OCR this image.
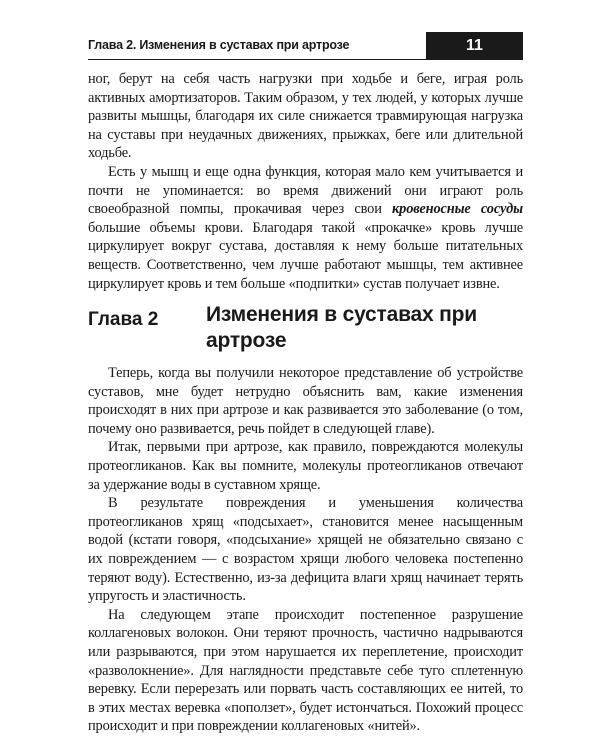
Глава 2. Изменения в суставах при артрозе	11

ног, берут на себя часть нагрузки при ходьбе и беге, играя роль активных амортизаторов. Таким образом, у тех людей, у которых лучше развиты мышцы, благодаря их силе снижается травмирующая нагрузка на суставы при неудачных движениях, прыжках, беге или длительной ходьбе.

Есть у мышц и еще одна функция, которая мало кем учитывается и почти не упоминается: во время движений они играют роль своеобразной помпы, прокачивая через свои кровеносные сосуды большие объемы крови. Благодаря такой «прокачке» кровь лучше циркулирует вокруг сустава, доставляя к нему больше питательных веществ. Соответственно, чем лучше работают мышцы, тем активнее циркулирует кровь и тем больше «подпитки» сустав получает извне.

Глава 2 Изменения в суставах при артрозе

Теперь, когда вы получили некоторое представление об устройстве суставов, мне будет нетрудно объяснить вам, какие изменения происходят в них при артрозе и как развивается это заболевание (о том, почему оно развивается, речь пойдет в следующей главе).

Итак, первыми при артрозе, как правило, повреждаются молекулы протеогликанов. Как вы помните, молекулы протеогликанов отвечают за удержание воды в суставном хряще.

В результате повреждения и уменьшения количества протеогликанов хрящ «подсыхает», становится менее насыщенным водой (кстати говоря, «подсыхание» хрящей не обязательно связано с их повреждением — с возрастом хрящи любого человека постепенно теряют воду). Естественно, из-за дефицита влаги хрящ начинает терять упругость и эластичность.

На следующем этапе происходит постепенное разрушение коллагеновых волокон. Они теряют прочность, частично надрываются или разрываются, при этом нарушается их переплетение, происходит «разволокнение». Для наглядности представьте себе туго сплетенную веревку. Если перерезать или порвать часть составляющих ее нитей, то в этих местах веревка «поползет», будет истончаться. Похожий процесс происходит и при повреждении коллагеновых «нитей».
